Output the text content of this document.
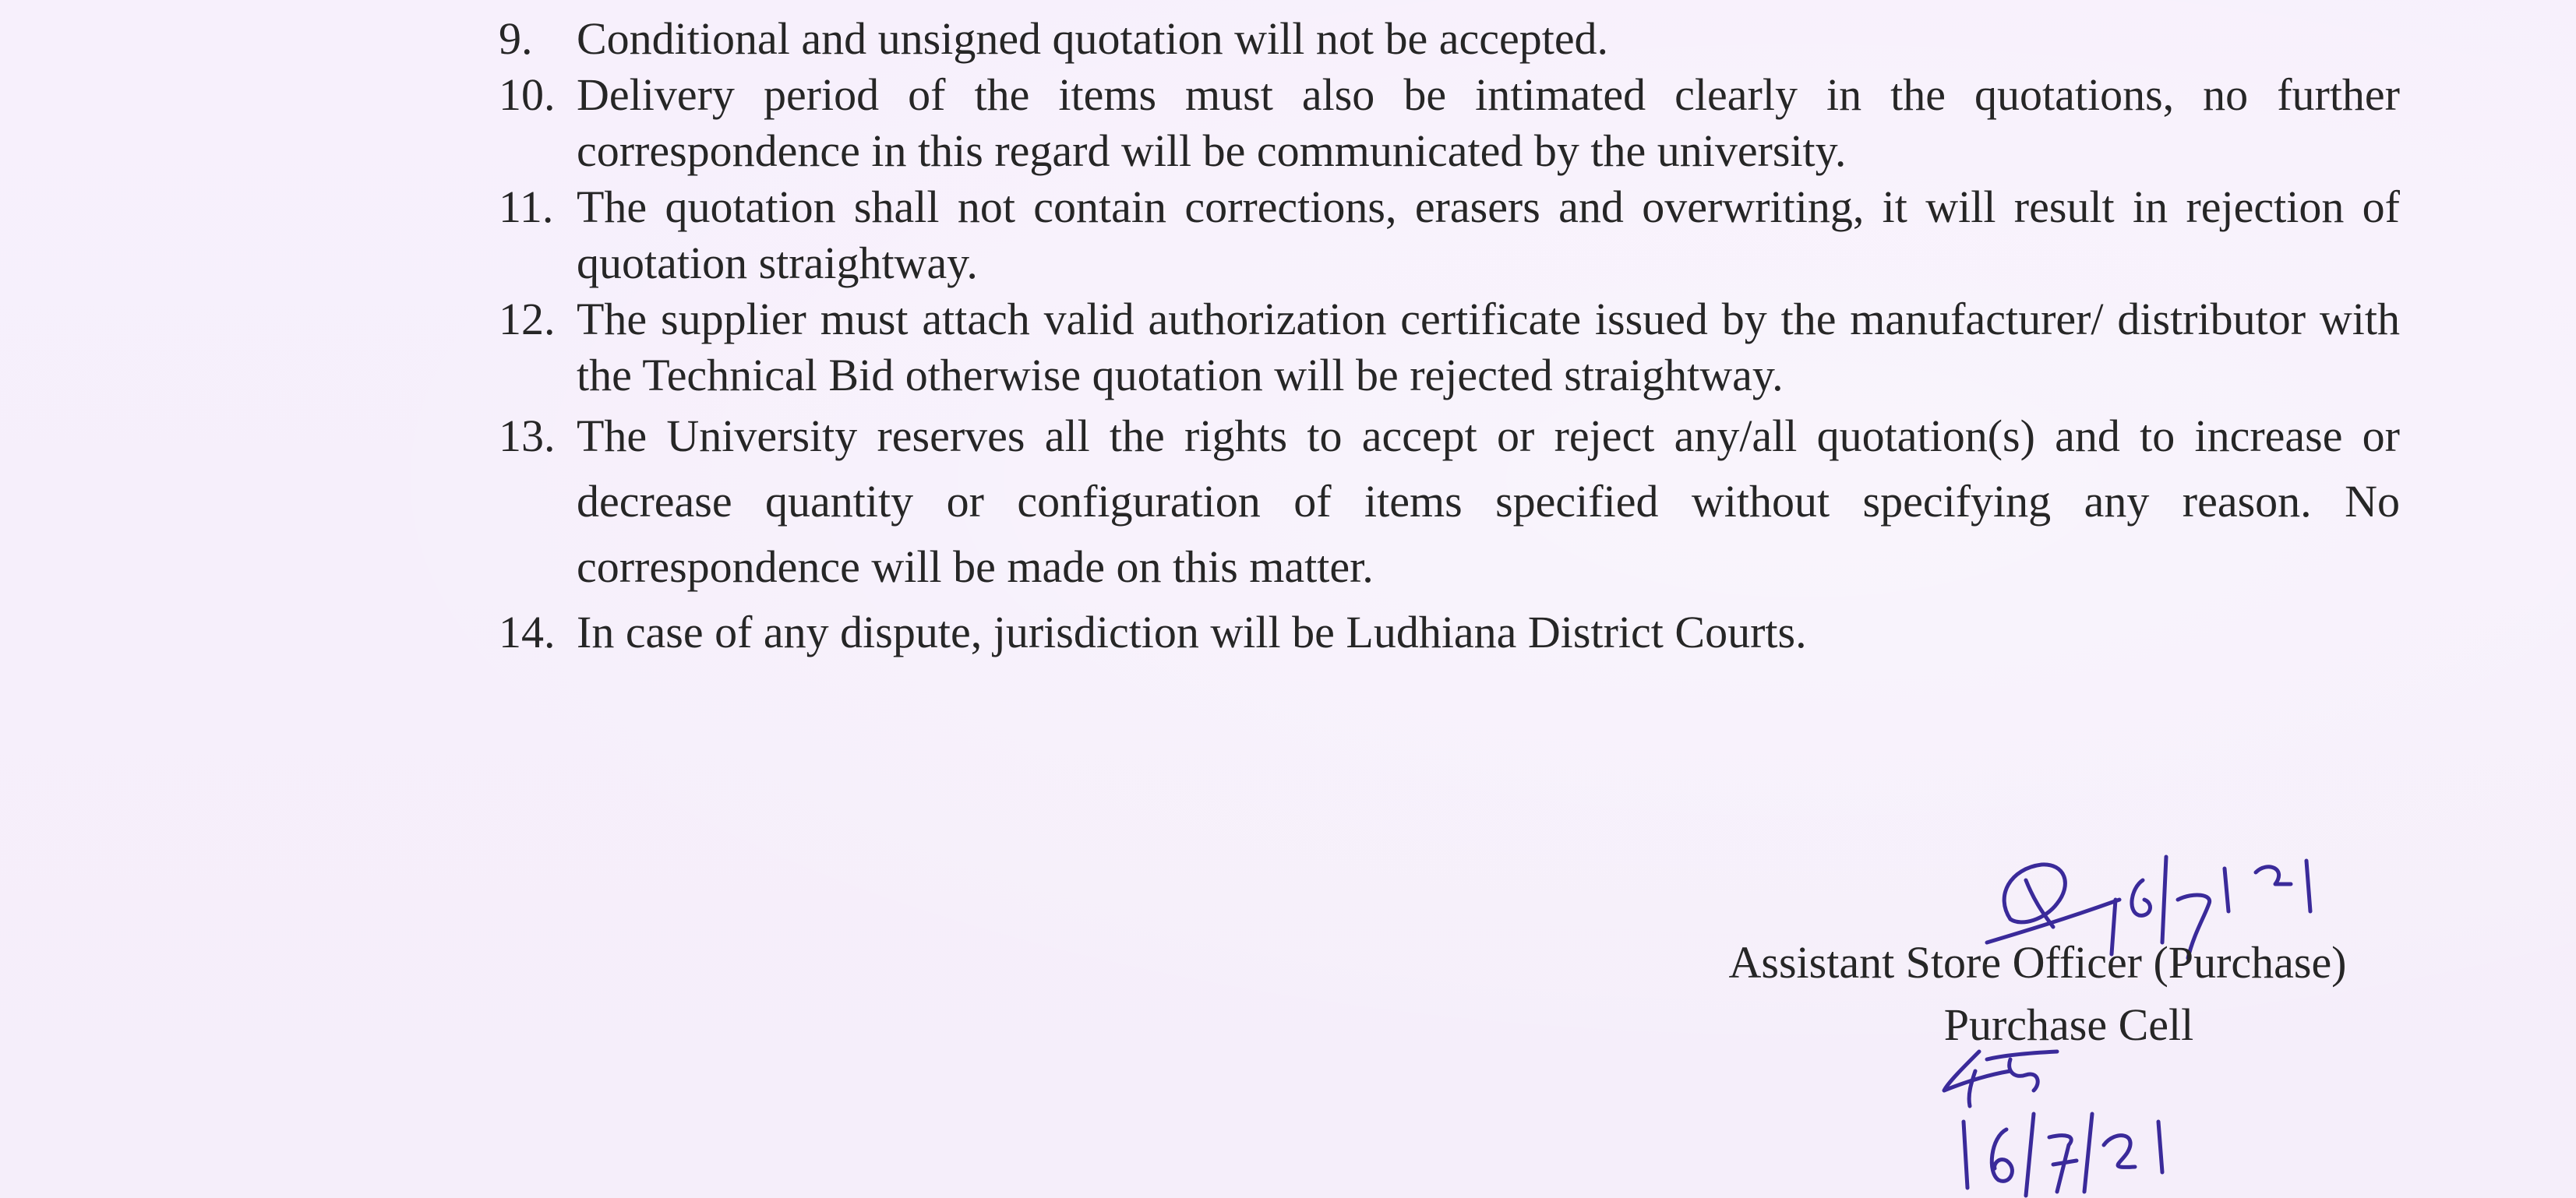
9. Conditional and unsigned quotation will not be accepted.
10. Delivery period of the items must also be intimated clearly in the quotations, no further correspondence in this regard will be communicated by the university.
11. The quotation shall not contain corrections, erasers and overwriting, it will result in rejection of quotation straightway.
12. The supplier must attach valid authorization certificate issued by the manufacturer/ distributor with the Technical Bid otherwise quotation will be rejected straightway.
13. The University reserves all the rights to accept or reject any/all quotation(s) and to increase or decrease quantity or configuration of items specified without specifying any reason. No correspondence will be made on this matter.
14. In case of any dispute, jurisdiction will be Ludhiana District Courts.
Assistant Store Officer (Purchase)
Purchase Cell
